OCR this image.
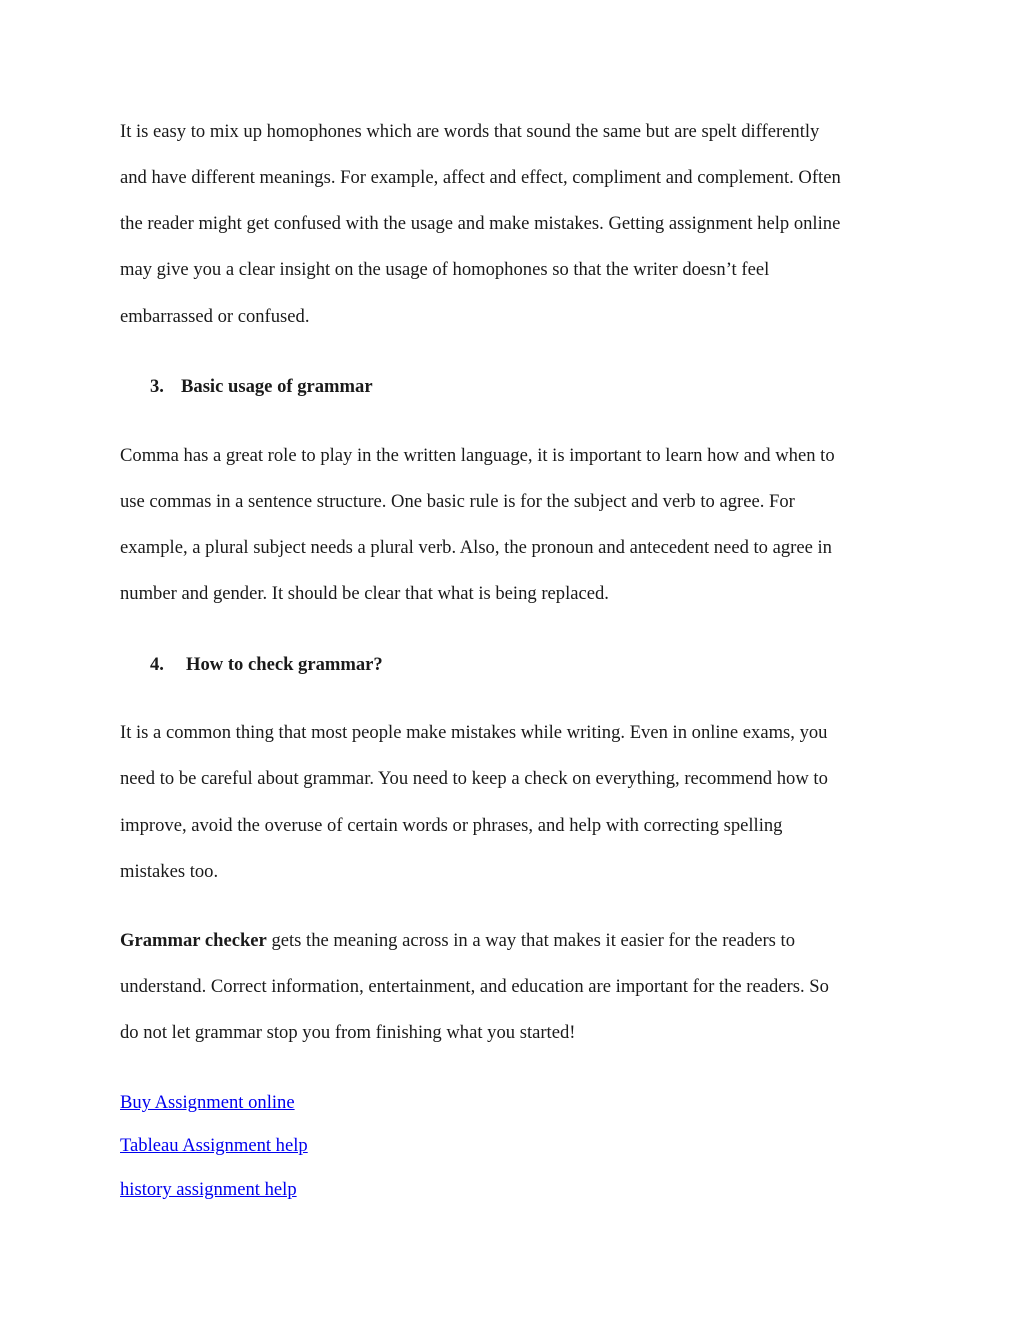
It is easy to mix up homophones which are words that sound the same but are spelt differently
and have different meanings. For example, affect and effect, compliment and complement. Often
the reader might get confused with the usage and make mistakes. Getting assignment help online
may give you a clear insight on the usage of homophones so that the writer doesn’t feel
embarrassed or confused.
3. Basic usage of grammar
Comma has a great role to play in the written language, it is important to learn how and when to
use commas in a sentence structure. One basic rule is for the subject and verb to agree. For
example, a plural subject needs a plural verb. Also, the pronoun and antecedent need to agree in
number and gender. It should be clear that what is being replaced.
4. How to check grammar?
It is a common thing that most people make mistakes while writing. Even in online exams, you
need to be careful about grammar. You need to keep a check on everything, recommend how to
improve, avoid the overuse of certain words or phrases, and help with correcting spelling
mistakes too.
Grammar checker gets the meaning across in a way that makes it easier for the readers to
understand. Correct information, entertainment, and education are important for the readers. So
do not let grammar stop you from finishing what you started!
Buy Assignment online
Tableau Assignment help
history assignment help
